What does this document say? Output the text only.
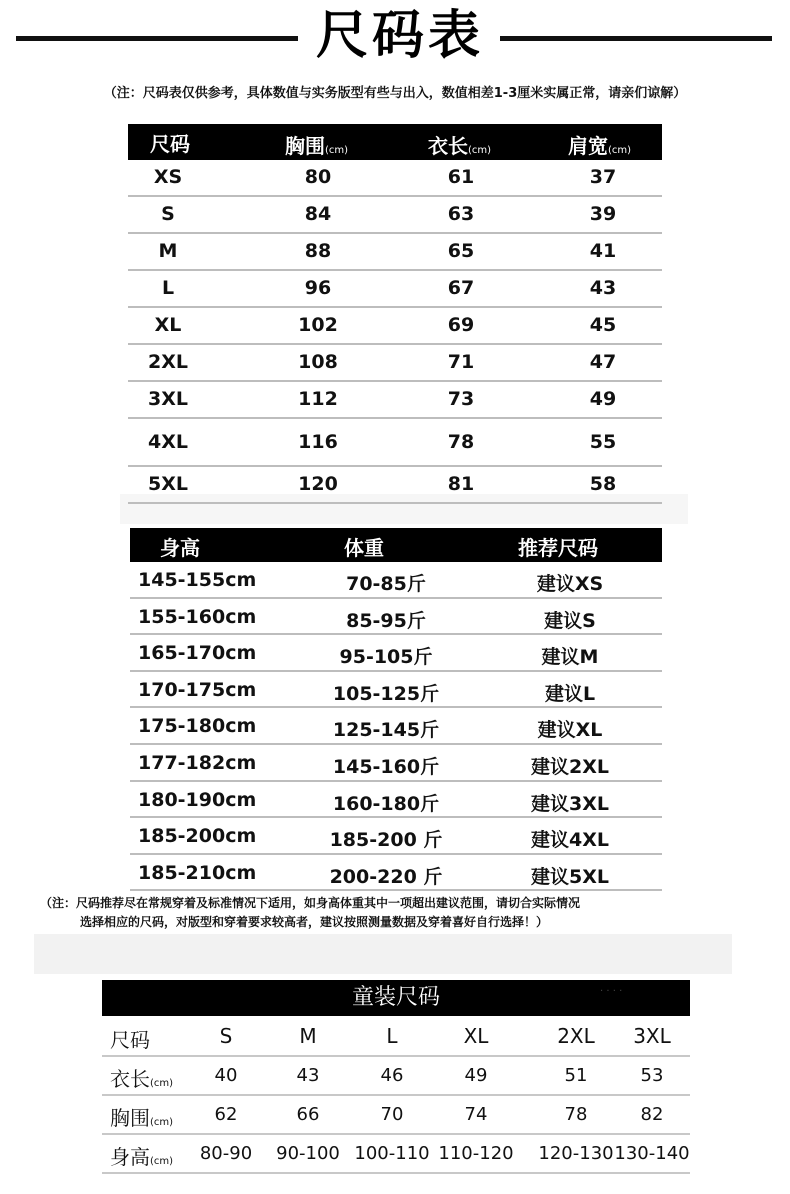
尺码表
（注：尺码表仅供参考，具体数值与实务版型有些与出入，数值相差1-3厘米实属正常，请亲们谅解）
尺码	胸围(cm)	衣长(cm)	肩宽(cm)
XS	80	61	37
S	84	63	39
M	88	65	41
L	96	67	43
XL	102	69	45
2XL	108	71	47
3XL	112	73	49
4XL	116	78	55
5XL	120	81	58
身高	体重	推荐尺码
145-155cm	70-85斤	建议XS
155-160cm	85-95斤	建议S
165-170cm	95-105斤	建议M
170-175cm	105-125斤	建议L
175-180cm	125-145斤	建议XL
177-182cm	145-160斤	建议2XL
180-190cm	160-180斤	建议3XL
185-200cm	185-200 斤	建议4XL
185-210cm	200-220 斤	建议5XL
（注：尺码推荐尽在常规穿着及标准情况下适用，如身高体重其中一项超出建议范围，请切合实际情况
选择相应的尺码，对版型和穿着要求较高者，建议按照测量数据及穿着喜好自行选择！）
童装尺码	· · · ·
尺码	S	M	L	XL	2XL 3XL
衣长(cm) 40	43	46	49	51	53
胸围(cm) 62	66	70	74	78	82
身高(cm) 80-90 90-100 100-110 110-120 120-130 130-140
